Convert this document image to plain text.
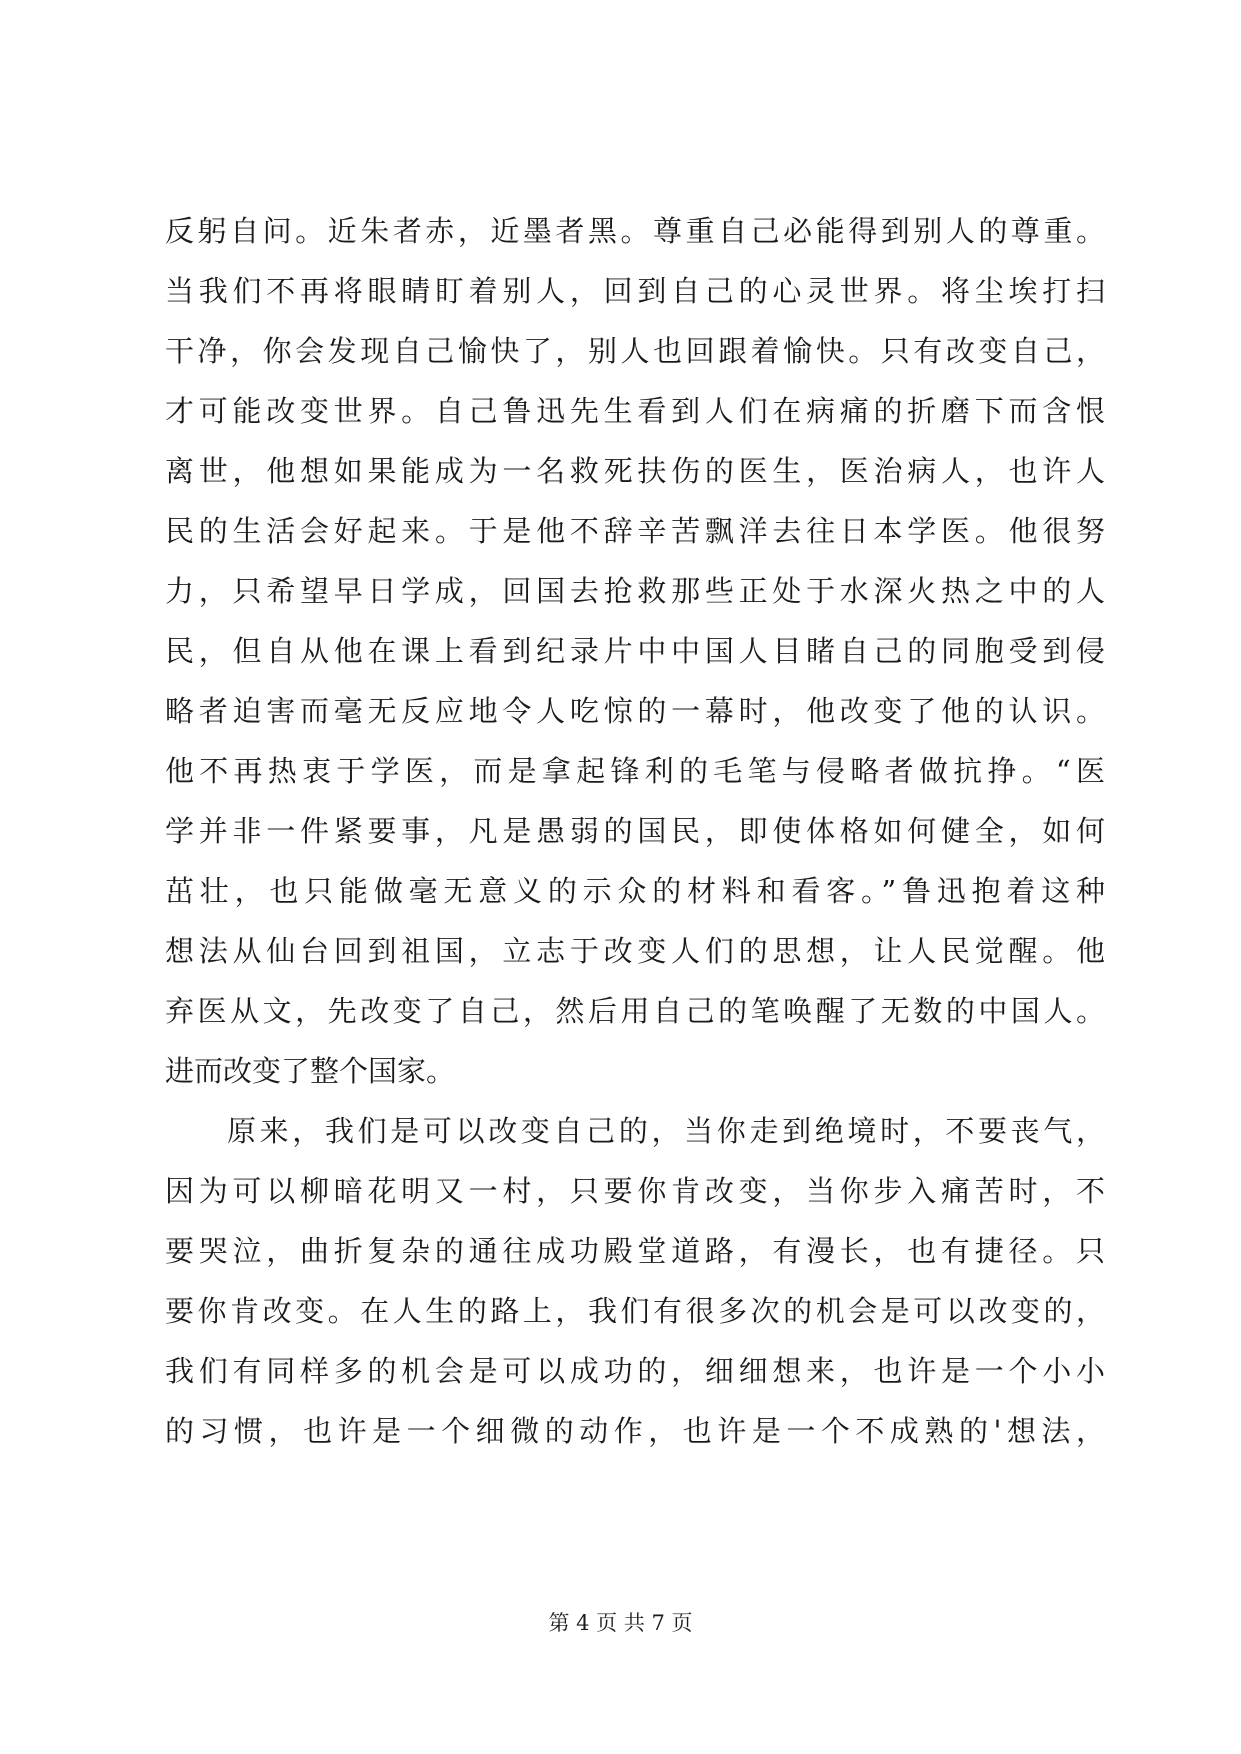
反躬自问。近朱者赤，近墨者黑。尊重自己必能得到别人的尊重。
当我们不再将眼睛盯着别人，回到自己的心灵世界。将尘埃打扫
干净，你会发现自己愉快了，别人也回跟着愉快。只有改变自己，
才可能改变世界。自己鲁迅先生看到人们在病痛的折磨下而含恨
离世，他想如果能成为一名救死扶伤的医生，医治病人，也许人
民的生活会好起来。于是他不辞辛苦飘洋去往日本学医。他很努
力，只希望早日学成，回国去抢救那些正处于水深火热之中的人
民，但自从他在课上看到纪录片中中国人目睹自己的同胞受到侵
略者迫害而毫无反应地令人吃惊的一幕时，他改变了他的认识。
他不再热衷于学医，而是拿起锋利的毛笔与侵略者做抗挣。“医
学并非一件紧要事，凡是愚弱的国民，即使体格如何健全，如何
茁壮，也只能做毫无意义的示众的材料和看客。”鲁迅抱着这种
想法从仙台回到祖国，立志于改变人们的思想，让人民觉醒。他
弃医从文，先改变了自己，然后用自己的笔唤醒了无数的中国人。
进而改变了整个国家。
原来，我们是可以改变自己的，当你走到绝境时，不要丧气，
因为可以柳暗花明又一村，只要你肯改变，当你步入痛苦时，不
要哭泣，曲折复杂的通往成功殿堂道路，有漫长，也有捷径。只
要你肯改变。在人生的路上，我们有很多次的机会是可以改变的，
我们有同样多的机会是可以成功的，细细想来，也许是一个小小
的习惯，也许是一个细微的动作，也许是一个不成熟的'想法，
第 4 页 共 7 页
